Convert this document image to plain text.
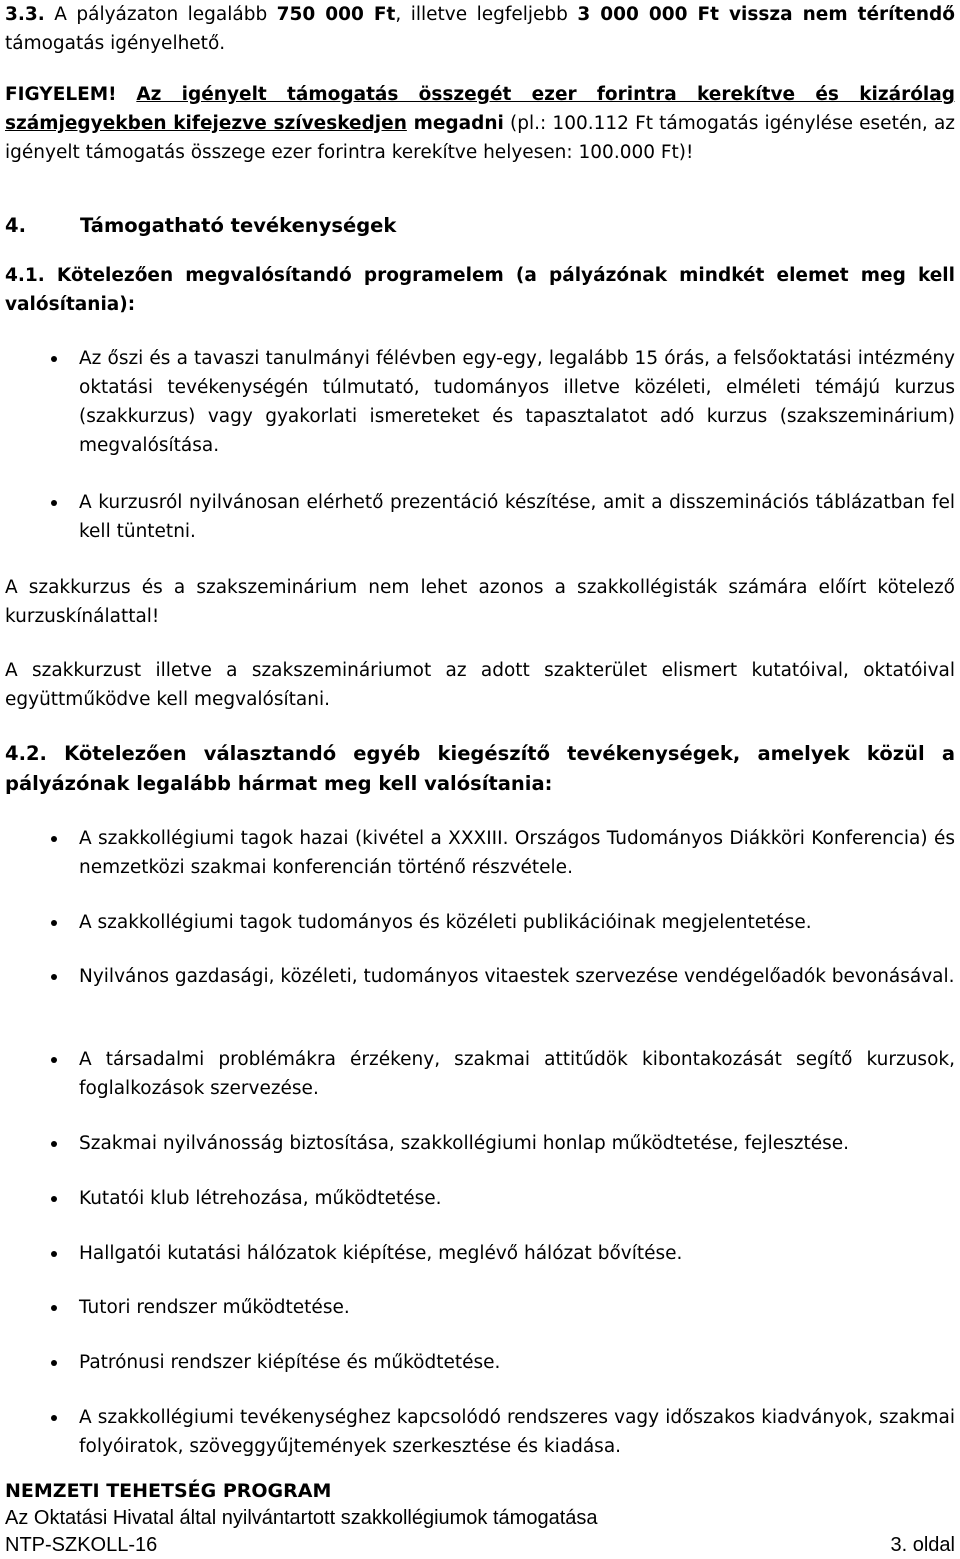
3.3. A pályázaton legalább 750 000 Ft, illetve legfeljebb 3 000 000 Ft vissza nem térítendő támogatás igényelhető.

FIGYELEM! Az igényelt támogatás összegét ezer forintra kerekítve és kizárólag számjegyekben kifejezve szíveskedjen megadni (pl.: 100.112 Ft támogatás igénylése esetén, az igényelt támogatás összege ezer forintra kerekítve helyesen: 100.000 Ft)!

4.	Támogatható tevékenységek

4.1. Kötelezően megvalósítandó programelem (a pályázónak mindkét elemet meg kell valósítania):

Az őszi és a tavaszi tanulmányi félévben egy-egy, legalább 15 órás, a felsőoktatási intézmény oktatási tevékenységén túlmutató, tudományos illetve közéleti, elméleti témájú kurzus (szakkurzus) vagy gyakorlati ismereteket és tapasztalatot adó kurzus (szakszeminárium) megvalósítása.

A kurzusról nyilvánosan elérhető prezentáció készítése, amit a disszeminációs táblázatban fel kell tüntetni.

A szakkurzus és a szakszeminárium nem lehet azonos a szakkollégisták számára előírt kötelező kurzuskínálattal!

A szakkurzust illetve a szakszemináriumot az adott szakterület elismert kutatóival, oktatóival együttműködve kell megvalósítani.

4.2. Kötelezően választandó egyéb kiegészítő tevékenységek, amelyek közül a pályázónak legalább hármat meg kell valósítania:

A szakkollégiumi tagok hazai (kivétel a XXXIII. Országos Tudományos Diákköri Konferencia) és nemzetközi szakmai konferencián történő részvétele.

A szakkollégiumi tagok tudományos és közéleti publikációinak megjelentetése.

Nyilvános gazdasági, közéleti, tudományos vitaestek szervezése vendégelőadók bevonásával.

A társadalmi problémákra érzékeny, szakmai attitűdök kibontakozását segítő kurzusok, foglalkozások szervezése.

Szakmai nyilvánosság biztosítása, szakkollégiumi honlap működtetése, fejlesztése.

Kutatói klub létrehozása, működtetése.

Hallgatói kutatási hálózatok kiépítése, meglévő hálózat bővítése.

Tutori rendszer működtetése.

Patrónusi rendszer kiépítése és működtetése.

A szakkollégiumi tevékenységhez kapcsolódó rendszeres vagy időszakos kiadványok, szakmai folyóiratok, szöveggyűjtemények szerkesztése és kiadása.

NEMZETI TEHETSÉG PROGRAM
Az Oktatási Hivatal által nyilvántartott szakkollégiumok támogatása
NTP-SZKOLL-16	3. oldal
